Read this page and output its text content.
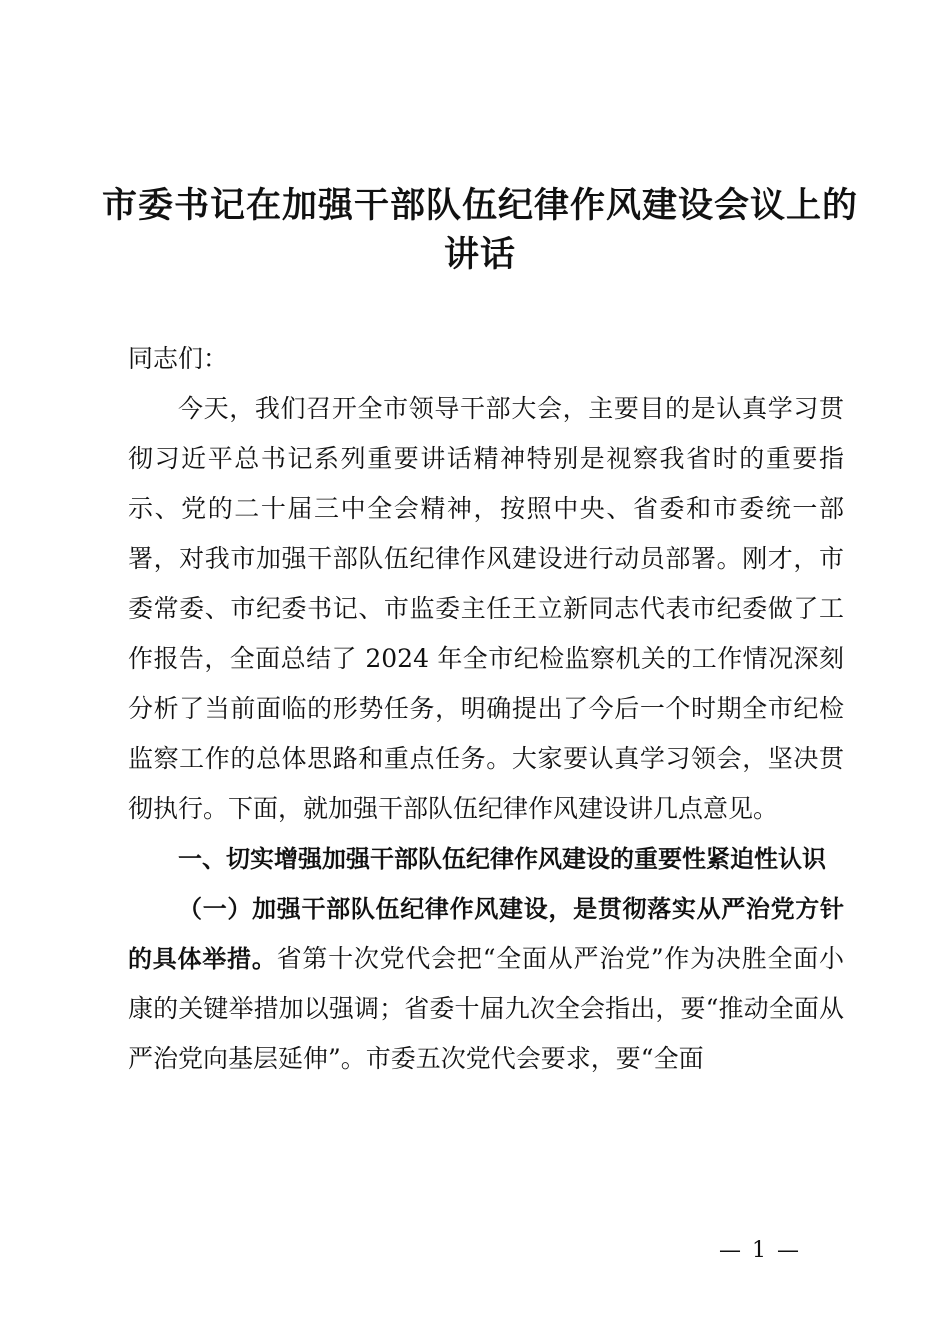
市委书记在加强干部队伍纪律作风建设会议上的讲话

同志们：

今天，我们召开全市领导干部大会，主要目的是认真学习贯彻习近平总书记系列重要讲话精神特别是视察我省时的重要指示、党的二十届三中全会精神，按照中央、省委和市委统一部署，对我市加强干部队伍纪律作风建设进行动员部署。刚才，市委常委、市纪委书记、市监委主任王立新同志代表市纪委做了工作报告，全面总结了 2024 年全市纪检监察机关的工作情况深刻分析了当前面临的形势任务，明确提出了今后一个时期全市纪检监察工作的总体思路和重点任务。大家要认真学习领会，坚决贯彻执行。下面，就加强干部队伍纪律作风建设讲几点意见。

一、切实增强加强干部队伍纪律作风建设的重要性紧迫性认识

（一）加强干部队伍纪律作风建设，是贯彻落实从严治党方针的具体举措。省第十次党代会把“全面从严治党”作为决胜全面小康的关键举措加以强调；省委十届九次全会指出，要“推动全面从严治党向基层延伸”。市委五次党代会要求，要“全面

— 1 —
